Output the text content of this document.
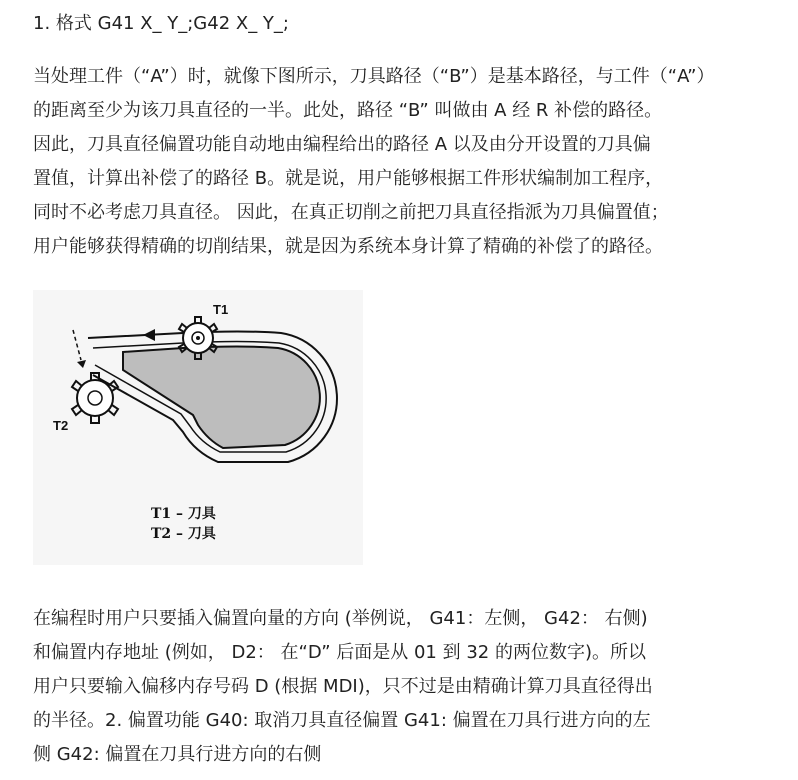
1. 格式 G41 X_ Y_;G42 X_ Y_;
当处理工件（“A”）时，就像下图所示，刀具路径（“B”）是基本路径，与工件（“A”）
的距离至少为该刀具直径的一半。此处，路径 “B” 叫做由 A 经 R 补偿的路径。
因此，刀具直径偏置功能自动地由编程给出的路径 A 以及由分开设置的刀具偏
置值，计算出补偿了的路径 B。就是说，用户能够根据工件形状编制加工程序，
同时不必考虑刀具直径。 因此，在真正切削之前把刀具直径指派为刀具偏置值；
用户能够获得精确的切削结果，就是因为系统本身计算了精确的补偿了的路径。
T1
T2
T1 – 刀具
T2 – 刀具
在编程时用户只要插入偏置向量的方向 (举例说， G41：左侧， G42： 右侧)
和偏置内存地址 (例如， D2： 在“D” 后面是从 01 到 32 的两位数字)。所以
用户只要输入偏移内存号码 D (根据 MDI)，只不过是由精确计算刀具直径得出
的半径。2. 偏置功能 G40: 取消刀具直径偏置 G41: 偏置在刀具行进方向的左
侧 G42: 偏置在刀具行进方向的右侧
